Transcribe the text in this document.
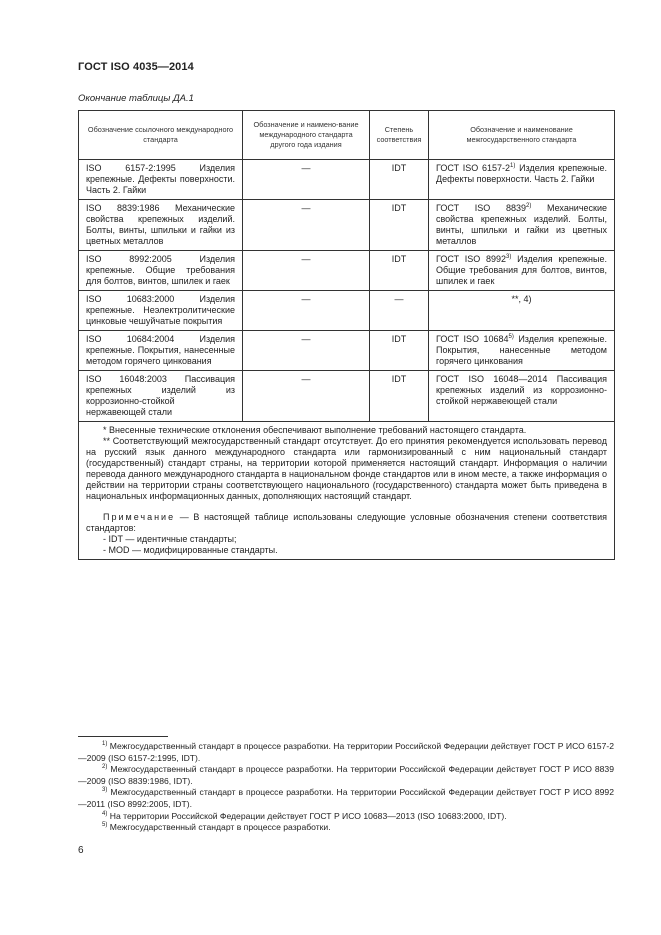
ГОСТ ISO 4035—2014
Окончание таблицы ДА.1
Обозначение ссылочного международного стандарта	Обозначение и наимено-вание международного стандарта другого года издания	Степень соответствия	Обозначение и наименование межгосударственного стандарта
ISO 6157-2:1995 Изделия крепежные. Дефекты поверхности. Часть 2. Гайки	—	IDT	ГОСТ ISO 6157-2$^{1)}$ Изделия крепежные. Дефекты поверхности. Часть 2. Гайки
ISO 8839:1986 Механические свойства крепежных изделий. Болты, винты, шпильки и гайки из цветных металлов	—	IDT	ГОСТ ISO 8839$^{2)}$ Механические свойства крепежных изделий. Болты, винты, шпильки и гайки из цветных металлов
ISO 8992:2005 Изделия крепежные. Общие требования для болтов, винтов, шпилек и гаек	—	IDT	ГОСТ ISO 8992$^{3)}$ Изделия крепежные. Общие требования для болтов, винтов, шпилек и гаек
ISO 10683:2000 Изделия крепежные. Неэлектролитические цинковые чешуйчатые покрытия	—	—	**, 4)
ISO 10684:2004 Изделия крепежные. Покрытия, нанесенные методом горячего цинкования	—	IDT	ГОСТ ISO 10684$^{5)}$ Изделия крепежные. Покрытия, нанесенные методом горячего цинкования
ISO 16048:2003 Пассивация крепежных изделий из коррозионно-стойкой нержавеющей стали	—	IDT	ГОСТ ISO 16048—2014 Пассивация крепежных изделий из коррозионно-стойкой нержавеющей стали

* Внесенные технические отклонения обеспечивают выполнение требований настоящего стандарта.
** Соответствующий межгосударственный стандарт отсутствует. До его принятия рекомендуется использовать перевод на русский язык данного международного стандарта или гармонизированный с ним национальный стандарт (государственный) стандарт страны, на территории которой применяется настоящий стандарт. Информация о наличии перевода данного международного стандарта в национальном фонде стандартов или в ином месте, а также информация о действии на территории страны соответствующего национального (государственного) стандарта может быть приведена в национальных информационных данных, дополняющих настоящий стандарт.
Примечание — В настоящей таблице использованы следующие условные обозначения степени соответствия стандартов:
- IDT — идентичные стандарты;
- MOD — модифицированные стандарты.			
$^{1)}$ Межгосударственный стандарт в процессе разработки. На территории Российской Федерации действует ГОСТ Р ИСО 6157-2—2009 (ISO 6157-2:1995, IDT).
$^{2)}$ Межгосударственный стандарт в процессе разработки. На территории Российской Федерации действует ГОСТ Р ИСО 8839—2009 (ISO 8839:1986, IDT).
$^{3)}$ Межгосударственный стандарт в процессе разработки. На территории Российской Федерации действует ГОСТ Р ИСО 8992—2011 (ISO 8992:2005, IDT).
$^{4)}$ На территории Российской Федерации действует ГОСТ Р ИСО 10683—2013 (ISO 10683:2000, IDT).
$^{5)}$ Межгосударственный стандарт в процессе разработки.
6
